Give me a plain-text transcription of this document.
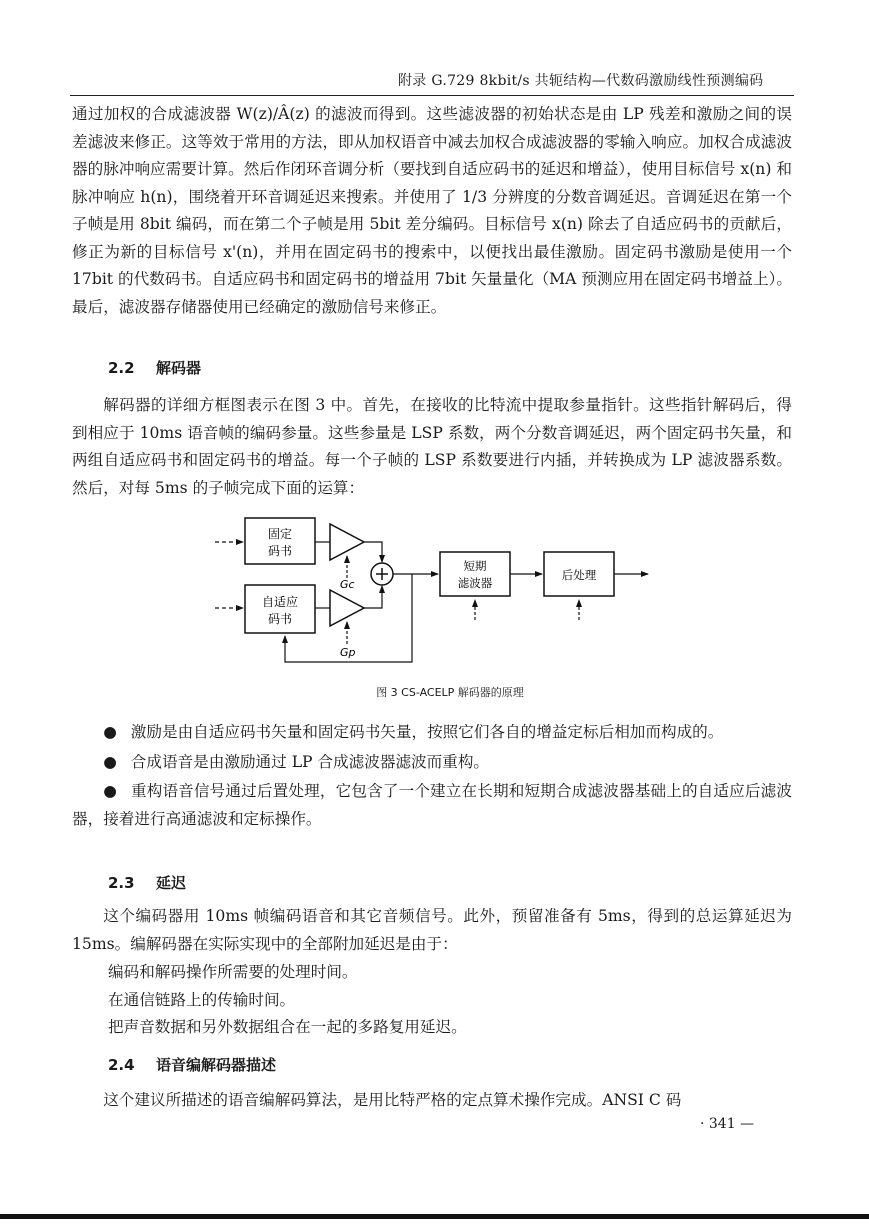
附录 G.729 8kbit/s 共轭结构—代数码激励线性预测编码

通过加权的合成滤波器 W(z)/Â(z) 的滤波而得到。这些滤波器的初始状态是由 LP 残差和激励之间的误差滤波来修正。这等效于常用的方法，即从加权语音中减去加权合成滤波器的零输入响应。加权合成滤波器的脉冲响应需要计算。然后作闭环音调分析（要找到自适应码书的延迟和增益），使用目标信号 x(n) 和脉冲响应 h(n)，围绕着开环音调延迟来搜索。并使用了 1/3 分辨度的分数音调延迟。音调延迟在第一个子帧是用 8bit 编码，而在第二个子帧是用 5bit 差分编码。目标信号 x(n) 除去了自适应码书的贡献后，修正为新的目标信号 x'(n)，并用在固定码书的搜索中，以便找出最佳激励。固定码书激励是使用一个 17bit 的代数码书。自适应码书和固定码书的增益用 7bit 矢量量化（MA 预测应用在固定码书增益上）。最后，滤波器存储器使用已经确定的激励信号来修正。

2.2 解码器

解码器的详细方框图表示在图 3 中。首先，在接收的比特流中提取参量指针。这些指针解码后，得到相应于 10ms 语音帧的编码参量。这些参量是 LSP 系数，两个分数音调延迟，两个固定码书矢量，和两组自适应码书和固定码书的增益。每一个子帧的 LSP 系数要进行内插，并转换成为 LP 滤波器系数。然后，对每 5ms 的子帧完成下面的运算：

固定
码书
Gc
自适应
码书
Gp
短期
滤波器
后处理
图 3 CS-ACELP 解码器的原理
● 激励是由自适应码书矢量和固定码书矢量，按照它们各自的增益定标后相加而构成的。
● 合成语音是由激励通过 LP 合成滤波器滤波而重构。
● 重构语音信号通过后置处理，它包含了一个建立在长期和短期合成滤波器基础上的自适应后滤波器，接着进行高通滤波和定标操作。
2.3 延迟

这个编码器用 10ms 帧编码语音和其它音频信号。此外，预留准备有 5ms，得到的总运算延迟为 15ms。编解码器在实际实现中的全部附加延迟是由于：

编码和解码操作所需要的处理时间。
在通信链路上的传输时间。
把声音数据和另外数据组合在一起的多路复用延迟。
2.4 语音编解码器描述

这个建议所描述的语音编解码算法，是用比特严格的定点算术操作完成。ANSI C 码

· 341 —
